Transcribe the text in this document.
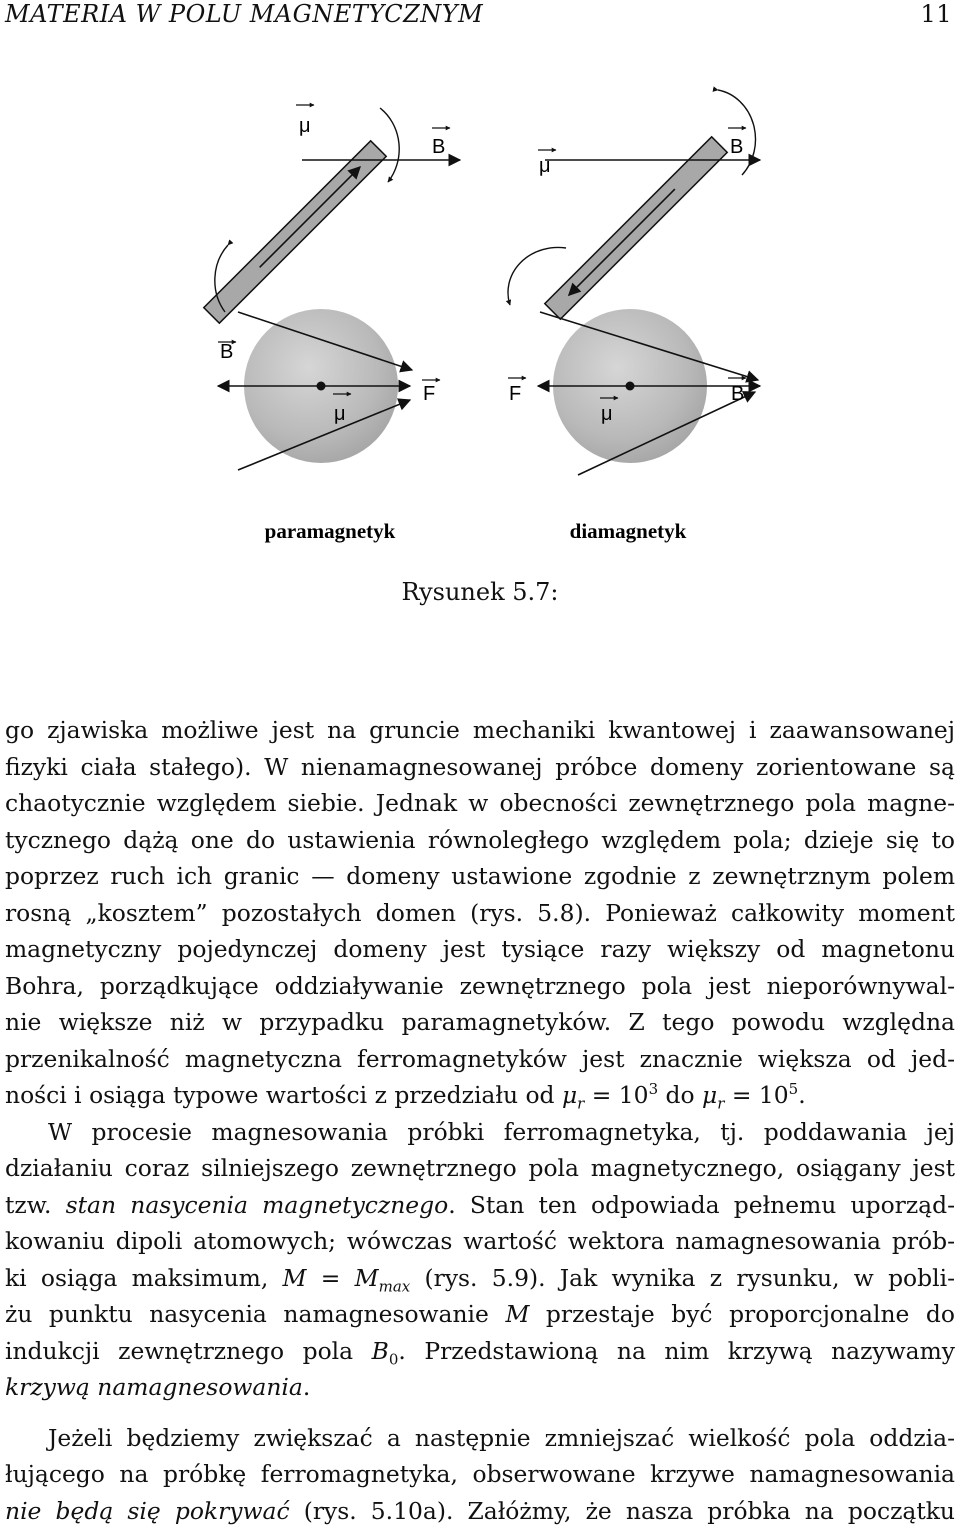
MATERIA W POLU MAGNETYCZNYM	11
μ
B
μ
B
B
F
μ
paramagnetyk
F	B
μ
diamagnetyk
Rysunek 5.7:

go zjawiska możliwe jest na gruncie mechaniki kwantowej i zaawansowanej

fizyki ciała stałego). W nienamagnesowanej próbce domeny zorientowane są

chaotycznie względem siebie. Jednak w obecności zewnętrznego pola magne-

tycznego dążą one do ustawienia równoległego względem pola; dzieje się to

poprzez ruch ich granic — domeny ustawione zgodnie z zewnętrznym polem

rosną „kosztem” pozostałych domen (rys. 5.8). Ponieważ całkowity moment

magnetyczny pojedynczej domeny jest tysiące razy większy od magnetonu

Bohra, porządkujące oddziaływanie zewnętrznego pola jest nieporównywal-

nie większe niż w przypadku paramagnetyków. Z tego powodu względna

przenikalność magnetyczna ferromagnetyków jest znacznie większa od jed-

ności i osiąga typowe wartości z przedziału od $\mu_r = 10^3$ do $\mu_r = 10^5$.

W procesie magnesowania próbki ferromagnetyka, tj. poddawania jej

działaniu coraz silniejszego zewnętrznego pola magnetycznego, osiągany jest

tzw. stan nasycenia magnetycznego. Stan ten odpowiada pełnemu uporząd-

kowaniu dipoli atomowych; wówczas wartość wektora namagnesowania prób-

ki osiąga maksimum, $M = M_{max}$ (rys. 5.9). Jak wynika z rysunku, w pobli-

żu punktu nasycenia namagnesowanie M przestaje być proporcjonalne do

indukcji zewnętrznego pola $B_0$. Przedstawioną na nim krzywą nazywamy

krzywą namagnesowania.

Jeżeli będziemy zwiększać a następnie zmniejszać wielkość pola oddzia-

łującego na próbkę ferromagnetyka, obserwowane krzywe namagnesowania

nie będą się pokrywać (rys. 5.10a). Załóżmy, że nasza próbka na początku
